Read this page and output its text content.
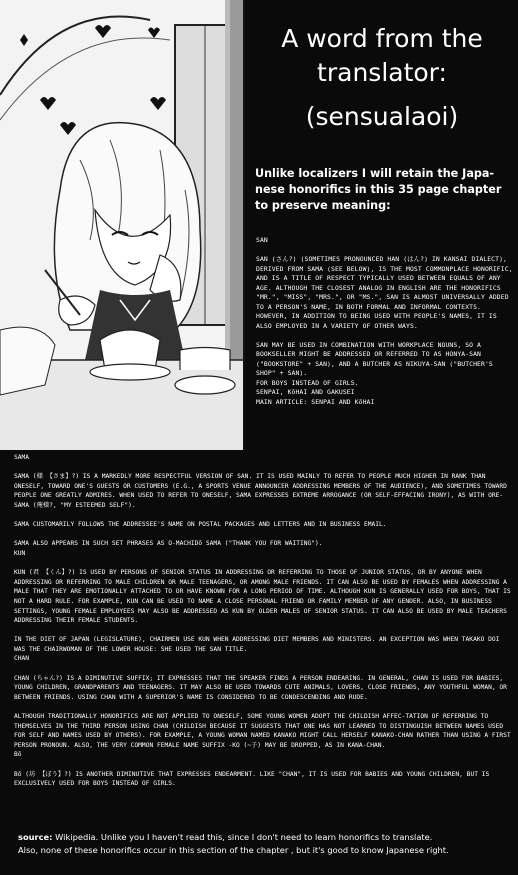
A word from the
translator:
(sensualaoi)
Unlike localizers I will retain the Japa-nese honorifics in this 35 page chapter to preserve meaning:

SAN

SAN (さん?) (SOMETIMES PRONOUNCED HAN (はん?) IN KANSAI DIALECT), DERIVED FROM SAMA (SEE BELOW), IS THE MOST COMMONPLACE HONORIFIC, AND IS A TITLE OF RESPECT TYPICALLY USED BETWEEN EQUALS OF ANY AGE. ALTHOUGH THE CLOSEST ANALOG IN ENGLISH ARE THE HONORIFICS "MR.", "MISS", "MRS.", OR "MS.", SAN IS ALMOST UNIVERSALLY ADDED TO A PERSON'S NAME, IN BOTH FORMAL AND INFORMAL CONTEXTS. HOWEVER, IN ADDITION TO BEING USED WITH PEOPLE'S NAMES, IT IS ALSO EMPLOYED IN A VARIETY OF OTHER WAYS.

SAN MAY BE USED IN COMBINATION WITH WORKPLACE NOUNS, SO A BOOKSELLER MIGHT BE ADDRESSED OR REFERRED TO AS HONYA-SAN ("BOOKSTORE" + SAN), AND A BUTCHER AS NIKUYA-SAN ("BUTCHER'S SHOP" + SAN).

FOR BOYS INSTEAD OF GIRLS.
SENPAI, KōHAI AND GAKUSEI
MAIN ARTICLE: SENPAI AND KōHAI

SAMA

SAMA (様 【さま】?) IS A MARKEDLY MORE RESPECTFUL VERSION OF SAN. IT IS USED MAINLY TO REFER TO PEOPLE MUCH HIGHER IN RANK THAN ONESELF, TOWARD ONE'S GUESTS OR CUSTOMERS (E.G., A SPORTS VENUE ANNOUNCER ADDRESSING MEMBERS OF THE AUDIENCE), AND SOMETIMES TOWARD PEOPLE ONE GREATLY ADMIRES. WHEN USED TO REFER TO ONESELF, SAMA EXPRESSES EXTREME ARROGANCE (OR SELF-EFFACING IRONY), AS WITH ORE-SAMA (俺様?, "MY ESTEEMED SELF").

SAMA CUSTOMARILY FOLLOWS THE ADDRESSEE'S NAME ON POSTAL PACKAGES AND LETTERS AND IN BUSINESS EMAIL.

SAMA ALSO APPEARS IN SUCH SET PHRASES AS O-MACHIDō SAMA ("THANK YOU FOR WAITING").

KUN

KUN (君 【くん】?) IS USED BY PERSONS OF SENIOR STATUS IN ADDRESSING OR REFERRING TO THOSE OF JUNIOR STATUS, OR BY ANYONE WHEN ADDRESSING OR REFERRING TO MALE CHILDREN OR MALE TEENAGERS, OR AMONG MALE FRIENDS. IT CAN ALSO BE USED BY FEMALES WHEN ADDRESSING A MALE THAT THEY ARE EMOTIONALLY ATTACHED TO OR HAVE KNOWN FOR A LONG PERIOD OF TIME. ALTHOUGH KUN IS GENERALLY USED FOR BOYS, THAT IS NOT A HARD RULE. FOR EXAMPLE, KUN CAN BE USED TO NAME A CLOSE PERSONAL FRIEND OR FAMILY MEMBER OF ANY GENDER. ALSO, IN BUSINESS SETTINGS, YOUNG FEMALE EMPLOYEES MAY ALSO BE ADDRESSED AS KUN BY OLDER MALES OF SENIOR STATUS. IT CAN ALSO BE USED BY MALE TEACHERS ADDRESSING THEIR FEMALE STUDENTS.

IN THE DIET OF JAPAN (LEGISLATURE), CHAIRMEN USE KUN WHEN ADDRESSING DIET MEMBERS AND MINISTERS. AN EXCEPTION WAS WHEN TAKAKO DOI WAS THE CHAIRWOMAN OF THE LOWER HOUSE: SHE USED THE SAN TITLE.

CHAN

CHAN (ちゃん?) IS A DIMINUTIVE SUFFIX; IT EXPRESSES THAT THE SPEAKER FINDS A PERSON ENDEARING. IN GENERAL, CHAN IS USED FOR BABIES, YOUNG CHILDREN, GRANDPARENTS AND TEENAGERS. IT MAY ALSO BE USED TOWARDS CUTE ANIMALS, LOVERS, CLOSE FRIENDS, ANY YOUTHFUL WOMAN, OR BETWEEN FRIENDS. USING CHAN WITH A SUPERIOR'S NAME IS CONSIDERED TO BE CONDESCENDING AND RUDE.

ALTHOUGH TRADITIONALLY HONORIFICS ARE NOT APPLIED TO ONESELF, SOME YOUNG WOMEN ADOPT THE CHILDISH AFFEC-TATION OF REFERRING TO THEMSELVES IN THE THIRD PERSON USING CHAN (CHILDISH BECAUSE IT SUGGESTS THAT ONE HAS NOT LEARNED TO DISTINGUISH BETWEEN NAMES USED FOR SELF AND NAMES USED BY OTHERS). FOR EXAMPLE, A YOUNG WOMAN NAMED KANAKO MIGHT CALL HERSELF KANAKO-CHAN RATHER THAN USING A FIRST PERSON PRONOUN. ALSO, THE VERY COMMON FEMALE NAME SUFFIX -KO (~子) MAY BE DROPPED, AS IN KANA-CHAN.

Bō

Bō (坊 【ぼう】?) IS ANOTHER DIMINUTIVE THAT EXPRESSES ENDEARMENT. LIKE "CHAN", IT IS USED FOR BABIES AND YOUNG CHILDREN, BUT IS EXCLUSIVELY USED FOR BOYS INSTEAD OF GIRLS.

source: Wikipedia. Unlike you I haven't read this, since I don't need to learn honorifics to translate.
Also, none of these honorifics occur in this section of the chapter , but it's good to know Japanese right.
